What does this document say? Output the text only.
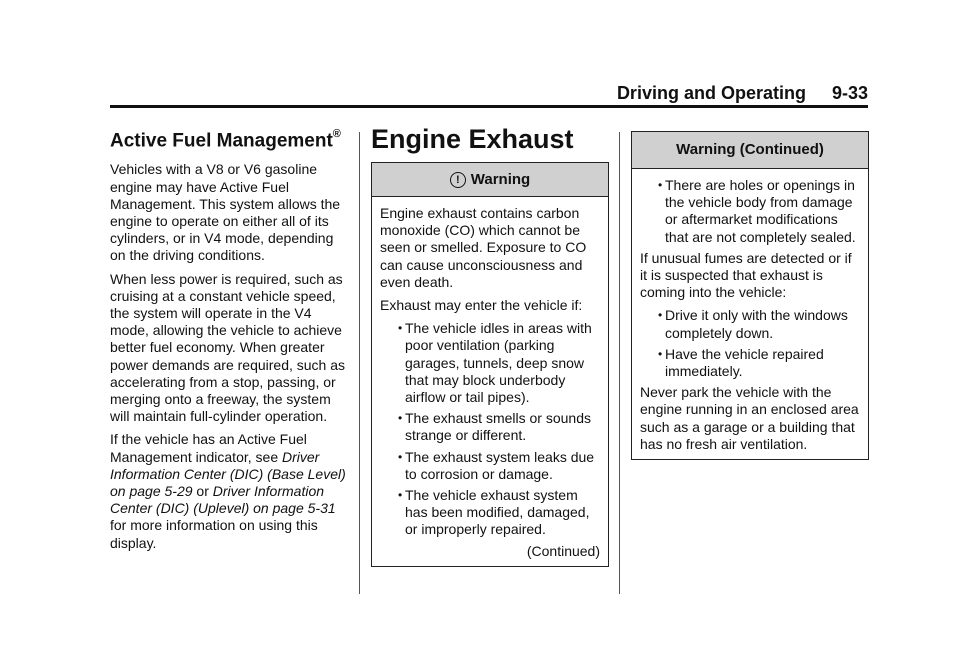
Driving and Operating 9-33
Active Fuel Management®

Vehicles with a V8 or V6 gasoline engine may have Active Fuel Management. This system allows the engine to operate on either all of its cylinders, or in V4 mode, depending on the driving conditions.

When less power is required, such as cruising at a constant vehicle speed, the system will operate in the V4 mode, allowing the vehicle to achieve better fuel economy. When greater power demands are required, such as accelerating from a stop, passing, or merging onto a freeway, the system will maintain full-cylinder operation.

If the vehicle has an Active Fuel Management indicator, see Driver Information Center (DIC) (Base Level) on page 5-29 or Driver Information Center (DIC) (Uplevel) on page 5-31 for more information on using this display.

Engine Exhaust
! Warning

Engine exhaust contains carbon monoxide (CO) which cannot be seen or smelled. Exposure to CO can cause unconsciousness and even death.

Exhaust may enter the vehicle if:

• The vehicle idles in areas with poor ventilation (parking garages, tunnels, deep snow that may block underbody airflow or tail pipes).
• The exhaust smells or sounds strange or different.
• The exhaust system leaks due to corrosion or damage.
• The vehicle exhaust system has been modified, damaged, or improperly repaired.
(Continued)
Warning (Continued)
• There are holes or openings in the vehicle body from damage or aftermarket modifications that are not completely sealed.

If unusual fumes are detected or if it is suspected that exhaust is coming into the vehicle:

• Drive it only with the windows completely down.
• Have the vehicle repaired immediately.

Never park the vehicle with the engine running in an enclosed area such as a garage or a building that has no fresh air ventilation.
